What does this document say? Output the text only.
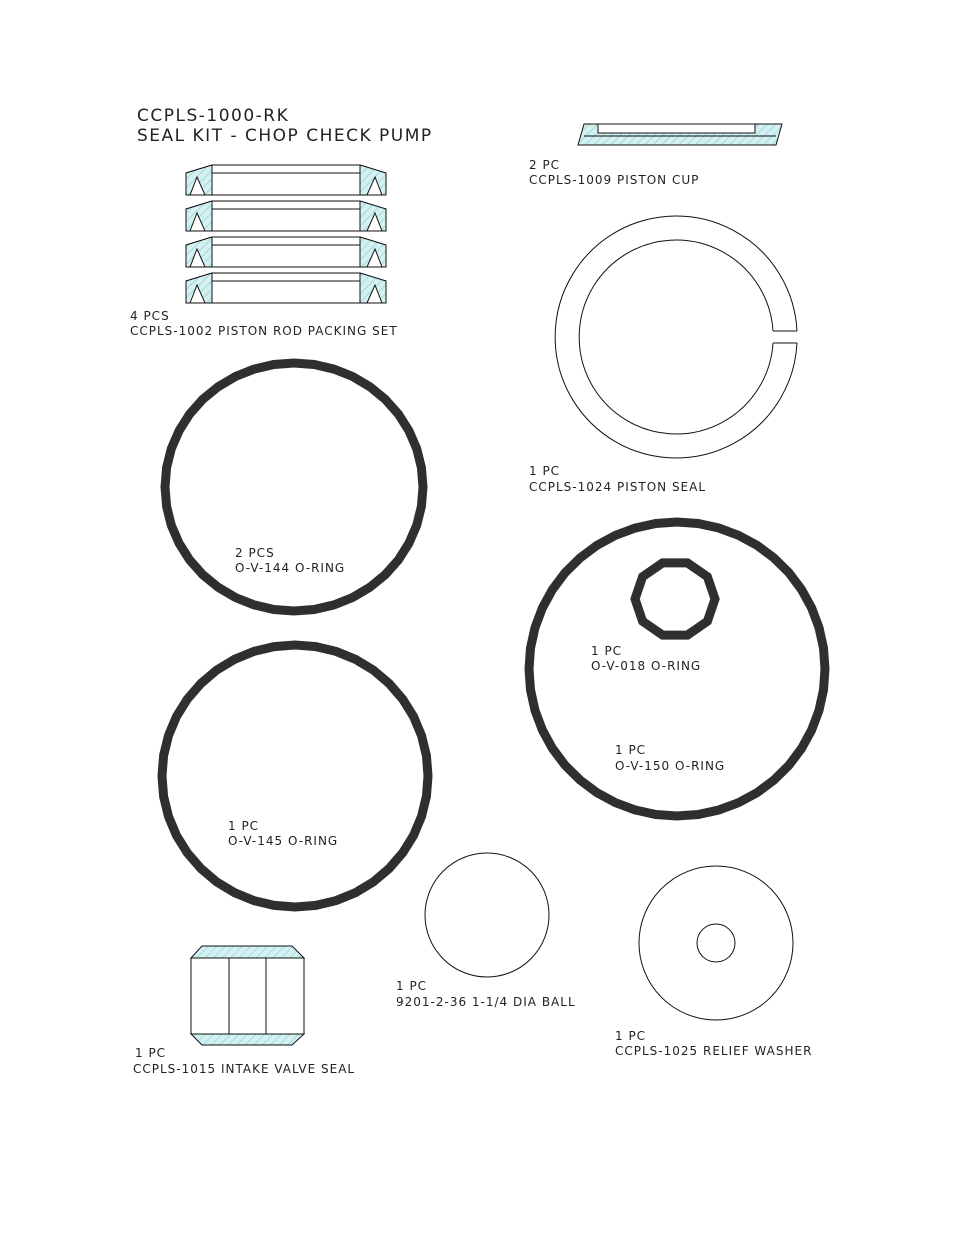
CCPLS-1000-RK
SEAL KIT - CHOP CHECK PUMP
2 PC
CCPLS-1009 PISTON CUP
4 PCS
CCPLS-1002 PISTON ROD PACKING SET
1 PC
CCPLS-1024 PISTON SEAL
2 PCS
O-V-144 O-RING
1 PC
O-V-150 O-RING
1 PC
O-V-018 O-RING
1 PC
O-V-145 O-RING
1 PC
9201-2-36 1-1/4 DIA BALL
1 PC
CCPLS-1025 RELIEF WASHER
1 PC
CCPLS-1015 INTAKE VALVE SEAL
